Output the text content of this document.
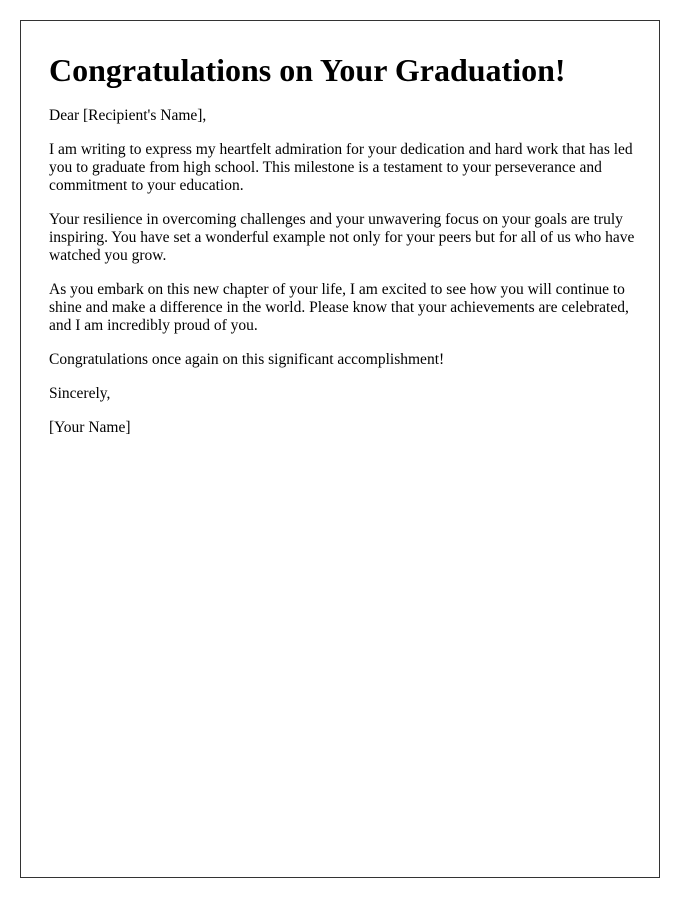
Congratulations on Your Graduation!

Dear [Recipient's Name],

I am writing to express my heartfelt admiration for your dedication and hard work that has led you to graduate from high school. This milestone is a testament to your perseverance and commitment to your education.

Your resilience in overcoming challenges and your unwavering focus on your goals are truly inspiring. You have set a wonderful example not only for your peers but for all of us who have watched you grow.

As you embark on this new chapter of your life, I am excited to see how you will continue to shine and make a difference in the world. Please know that your achievements are celebrated, and I am incredibly proud of you.

Congratulations once again on this significant accomplishment!

Sincerely,

[Your Name]
